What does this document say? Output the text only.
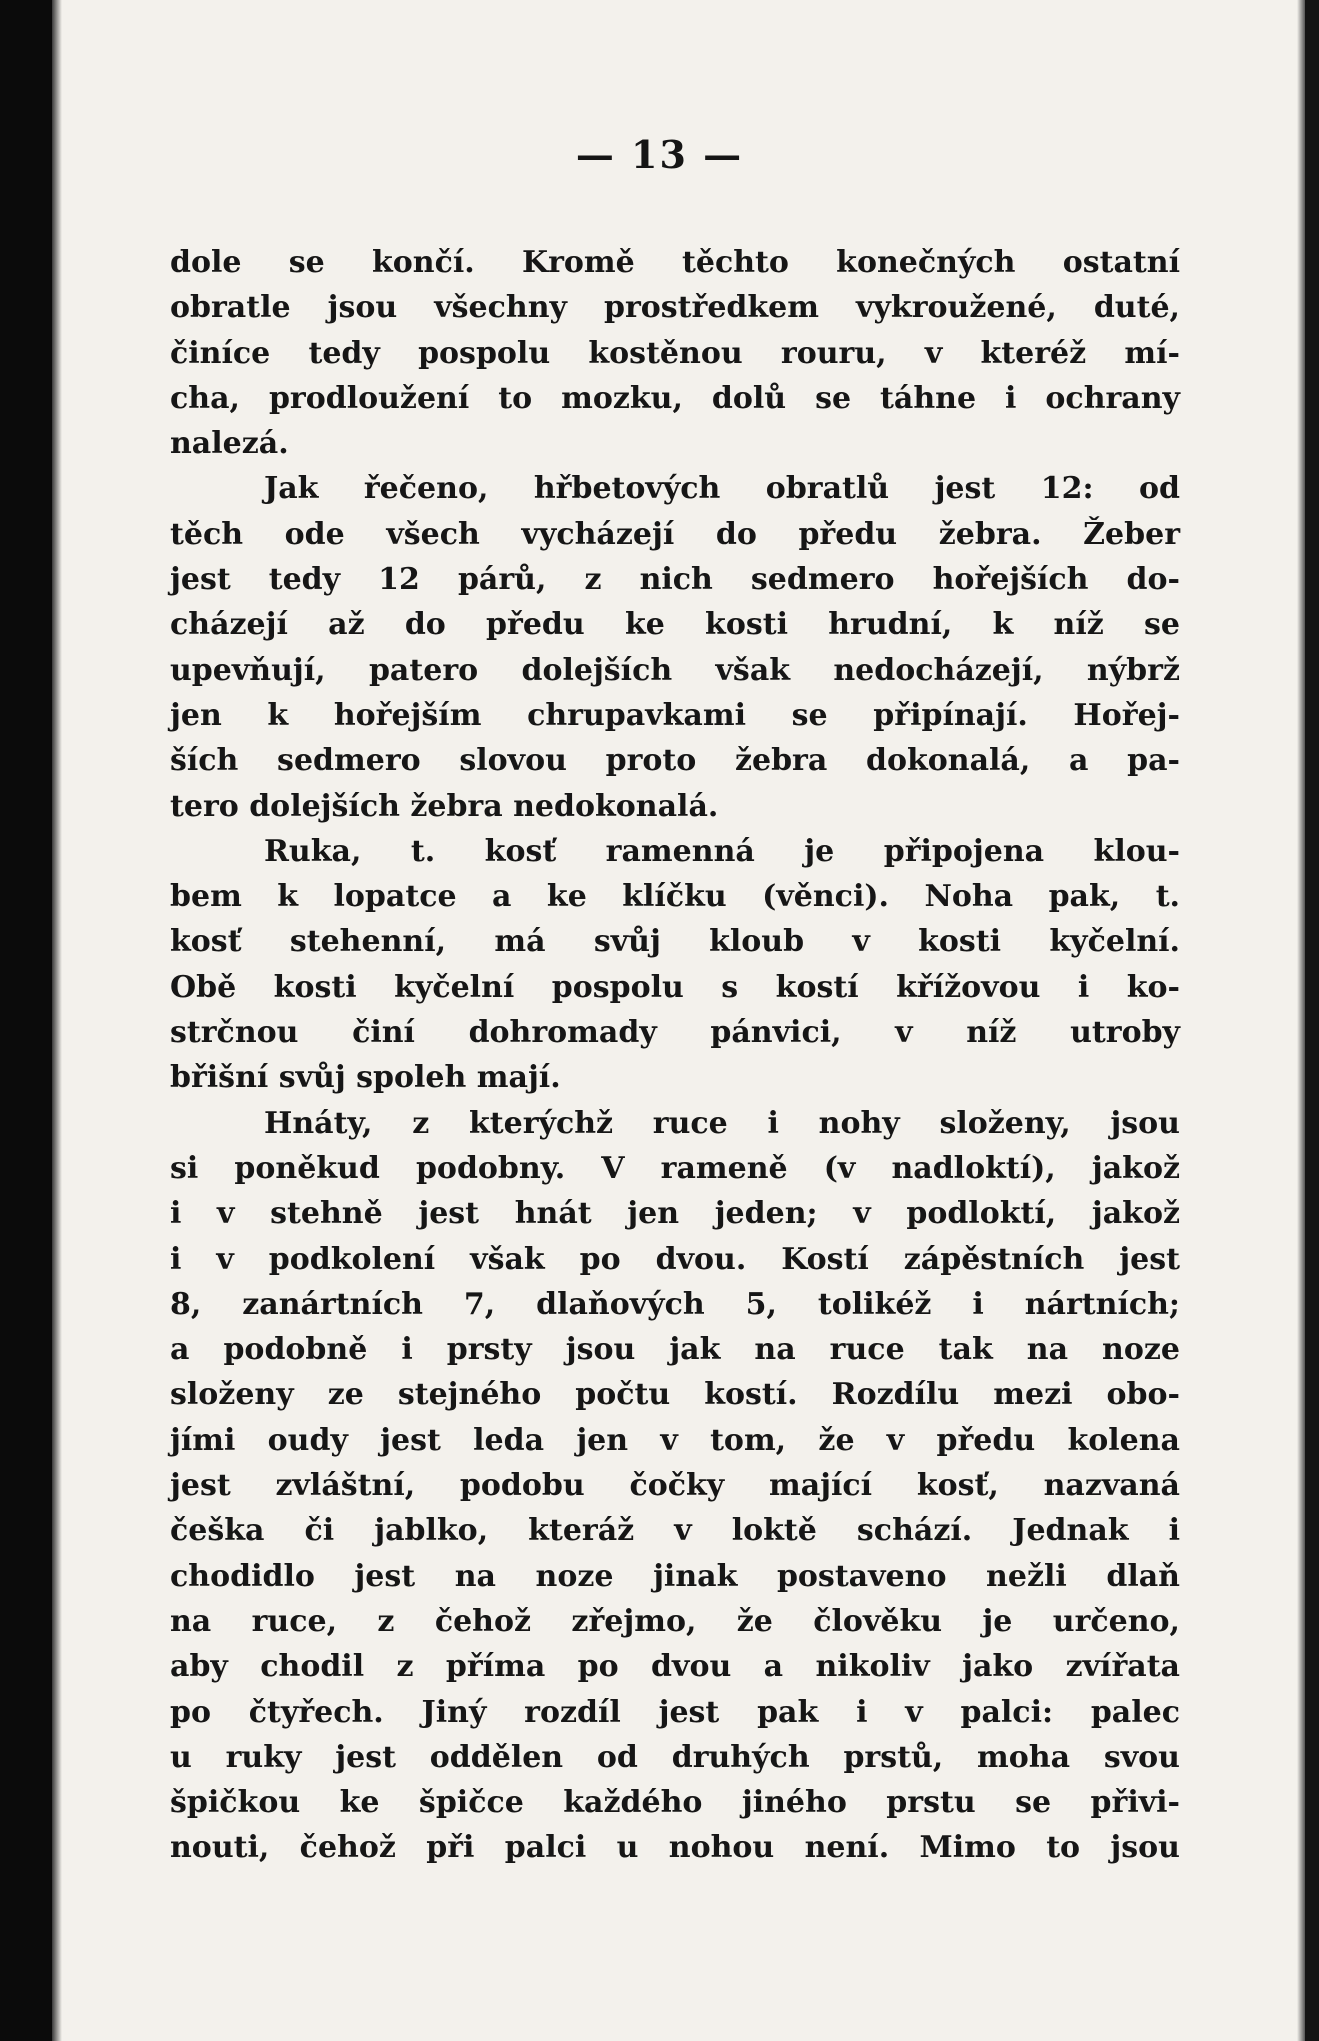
— 13 —
dole se končí. Kromě těchto konečných ostatní
obratle jsou všechny prostředkem vykroužené, duté,
činíce tedy pospolu kostěnou rouru, v kteréž mí-
cha, prodloužení to mozku, dolů se táhne i ochrany
nalezá.
Jak řečeno, hřbetových obratlů jest 12: od
těch ode všech vycházejí do předu žebra. Žeber
jest tedy 12 párů, z nich sedmero hořejších do-
cházejí až do předu ke kosti hrudní, k níž se
upevňují, patero dolejších však nedocházejí, nýbrž
jen k hořejším chrupavkami se připínají. Hořej-
ších sedmero slovou proto žebra dokonalá, a pa-
tero dolejších žebra nedokonalá.
Ruka, t. kosť ramenná je připojena klou-
bem k lopatce a ke klíčku (věnci). Noha pak, t.
kosť stehenní, má svůj kloub v kosti kyčelní.
Obě kosti kyčelní pospolu s kostí křížovou i ko-
strčnou činí dohromady pánvici, v níž utroby
břišní svůj spoleh mají.
Hnáty, z kterýchž ruce i nohy složeny, jsou
si poněkud podobny. V rameně (v nadloktí), jakož
i v stehně jest hnát jen jeden; v podloktí, jakož
i v podkolení však po dvou. Kostí zápěstních jest
8, zanártních 7, dlaňových 5, tolikéž i nártních;
a podobně i prsty jsou jak na ruce tak na noze
složeny ze stejného počtu kostí. Rozdílu mezi obo-
jími oudy jest leda jen v tom, že v předu kolena
jest zvláštní, podobu čočky mající kosť, nazvaná
češka či jablko, kteráž v loktě schází. Jednak i
chodidlo jest na noze jinak postaveno nežli dlaň
na ruce, z čehož zřejmo, že člověku je určeno,
aby chodil z příma po dvou a nikoliv jako zvířata
po čtyřech. Jiný rozdíl jest pak i v palci: palec
u ruky jest oddělen od druhých prstů, moha svou
špičkou ke špičce každého jiného prstu se přivi-
nouti, čehož při palci u nohou není. Mimo to jsou
